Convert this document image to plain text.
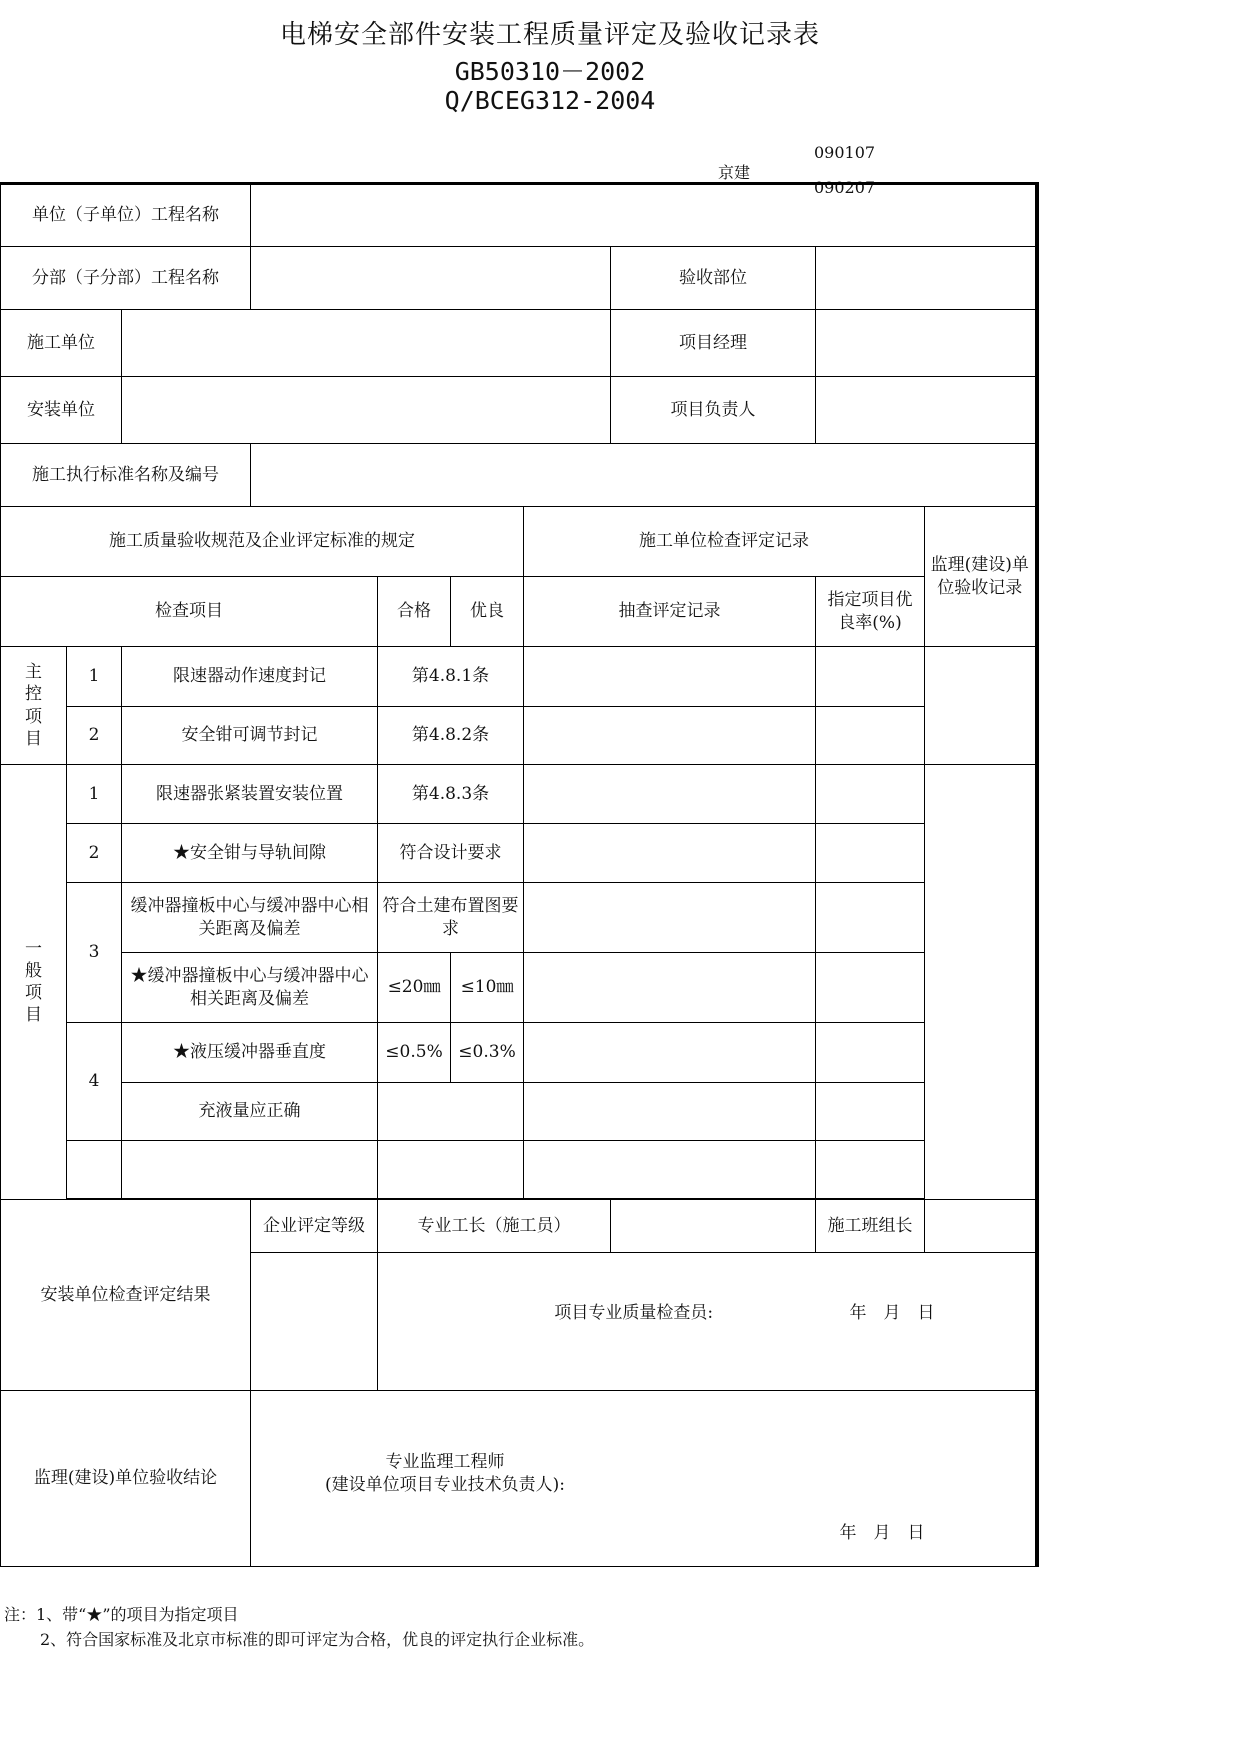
电梯安全部件安装工程质量评定及验收记录表
GB50310－2002
Q/BCEG312-2004
京建
090107
090207
单位（子单位）工程名称									
分部（子分部）工程名称							验收部位		
施工单位							项目经理		
安装单位							项目负责人		
施工执行标准名称及编号									
施工质量验收规范及企业评定标准的规定						施工单位检查评定记录			监理(建设)单位验收记录
检查项目				合格	优良	抽查评定记录		指定项目优良率(%)	

主控项目	1	限速器动作速度封记		第4.8.1条					
	2	安全钳可调节封记		第4.8.2条					

一般项目	1	限速器张紧装置安装位置		第4.8.3条					
	2	★安全钳与导轨间隙		符合设计要求					
	3	缓冲器撞板中心与缓冲器中心相关距离及偏差		符合土建布置图要求					
		★缓冲器撞板中心与缓冲器中心相关距离及偏差		≤20㎜	≤10㎜				
	4	★液压缓冲器垂直度		≤0.5%	≤0.3%				
		充液量应正确							

安装单位检查评定结果			企业评定等级	专业工长（施工员）				施工班组长	
				项目专业质量检查员: 年　月　日					

监理(建设)单位验收结论			专业监理工程师
(建设单位项目专业技术负责人):
年　月　日						
注：1、带“★”的项目为指定项目
2、符合国家标准及北京市标准的即可评定为合格，优良的评定执行企业标准。
